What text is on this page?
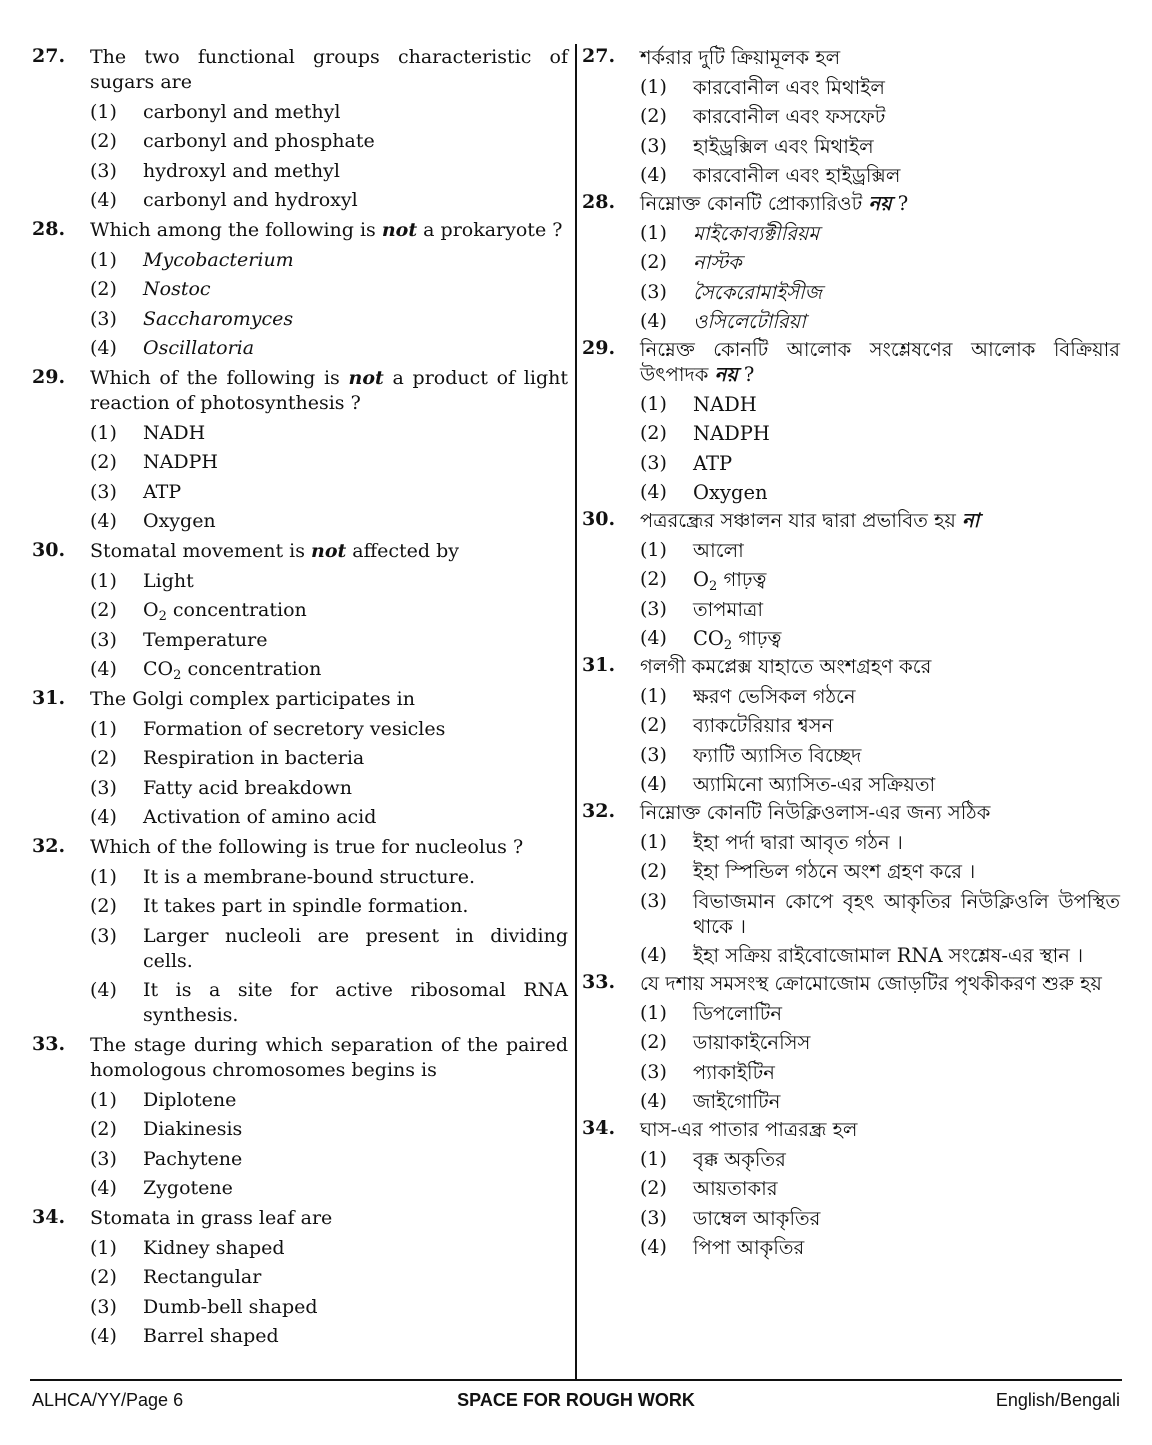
27. The two functional groups characteristic of sugars are
(1)	carbonyl and methyl
(2)	carbonyl and phosphate
(3)	hydroxyl and methyl
(4)	carbonyl and hydroxyl
28. Which among the following is not a prokaryote ?
(1)	Mycobacterium
(2)	Nostoc
(3)	Saccharomyces
(4)	Oscillatoria
29. Which of the following is not a product of light reaction of photosynthesis ?
(1)	NADH
(2)	NADPH
(3)	ATP
(4)	Oxygen
30. Stomatal movement is not affected by
(1)	Light
(2)	$O_2$ concentration
(3)	Temperature
(4)	$CO_2$ concentration
31. The Golgi complex participates in
(1)	Formation of secretory vesicles
(2)	Respiration in bacteria
(3)	Fatty acid breakdown
(4)	Activation of amino acid
32. Which of the following is true for nucleolus ?
(1)	It is a membrane-bound structure.
(2)	It takes part in spindle formation.
(3)	Larger nucleoli are present in dividing cells.
(4)	It is a site for active ribosomal RNA synthesis.
33. The stage during which separation of the paired homologous chromosomes begins is
(1)	Diplotene
(2)	Diakinesis
(3)	Pachytene
(4)	Zygotene
34. Stomata in grass leaf are
(1)	Kidney shaped
(2)	Rectangular
(3)	Dumb-bell shaped
(4)	Barrel shaped
27. শর্করার দুটি ক্রিয়ামূলক হল
(1)	কারবোনীল এবং মিথাইল
(2)	কারবোনীল এবং ফসফেট
(3)	হাইড্রক্সিল এবং মিথাইল
(4)	কারবোনীল এবং হাইড্রক্সিল
28. নিম্নোক্ত কোনটি প্রোক্যারিওট নয় ?
(1)	মাইকোব্যক্টীরিয়ম
(2)	নাস্টক
(3)	সৈকেরোমাইসীজ
(4)	ওসিলেটোরিয়া
29. নিম্নেক্ত কোনটি আলোক সংশ্লেষণের আলোক বিক্রিয়ার উৎপাদক নয় ?
(1)	NADH
(2)	NADPH
(3)	ATP
(4)	Oxygen
30. পত্ররন্ধ্রের সঞ্চালন যার দ্বারা প্রভাবিত হয় না
(1)	আলো
(2)	$O_2$ গাঢ়ত্ব
(3)	তাপমাত্রা
(4)	$CO_2$ গাঢ়ত্ব
31. গলগী কমপ্লেক্স যাহাতে অংশগ্রহণ করে
(1)	ক্ষরণ ভেসিকল গঠনে
(2)	ব্যাকটেরিয়ার শ্বসন
(3)	ফ্যাটি অ্যাসিত বিচ্ছেদ
(4)	অ্যামিনো অ্যাসিত-এর সক্রিয়তা
32. নিম্নোক্ত কোনটি নিউক্লিওলাস-এর জন্য সঠিক
(1)	ইহা পর্দা দ্বারা আবৃত গঠন ।
(2)	ইহা স্পিন্ডিল গঠনে অংশ গ্রহণ করে ।
(3)	বিভাজমান কোপে বৃহৎ আকৃতির নিউক্লিওলি উপস্থিত থাকে ।
(4)	ইহা সক্রিয় রাইবোজোমাল RNA সংশ্লেষ-এর স্থান ।
33. যে দশায় সমসংস্থ ক্রোমোজোম জোড়টির পৃথকীকরণ শুরু হয়
(1)	ডিপলোটিন
(2)	ডায়াকাইনেসিস
(3)	প্যাকাইটিন
(4)	জাইগোটিন
34. ঘাস-এর পাতার পাত্ররন্ধ্র হল
(1)	বৃক্ক অকৃতির
(2)	আয়তাকার
(3)	ডাম্বেল আকৃতির
(4)	পিপা আকৃতির
ALHCA/YY/Page 6	SPACE FOR ROUGH WORK	English/Bengali
